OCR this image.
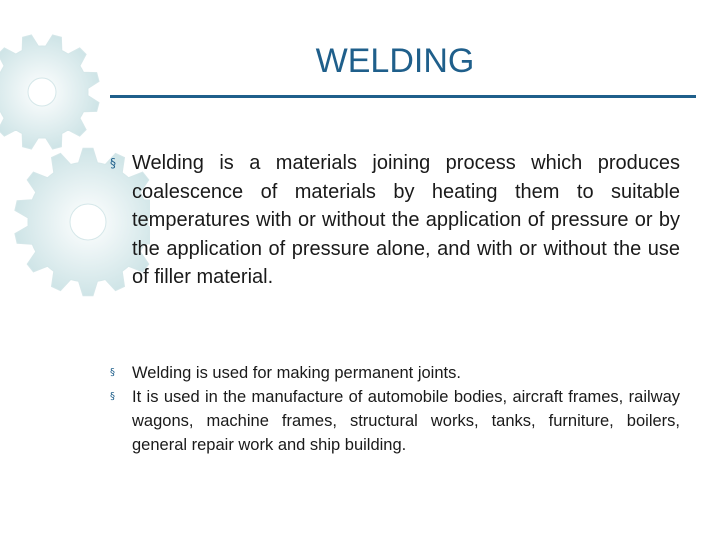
WELDING
§ Welding is a materials joining process which produces coalescence of materials by heating them to suitable temperatures with or without the application of pressure or by the application of pressure alone, and with or without the use of filler material.
§ Welding is used for making permanent joints.
§ It is used in the manufacture of automobile bodies, aircraft frames, railway wagons, machine frames, structural works, tanks, furniture, boilers, general repair work and ship building.
